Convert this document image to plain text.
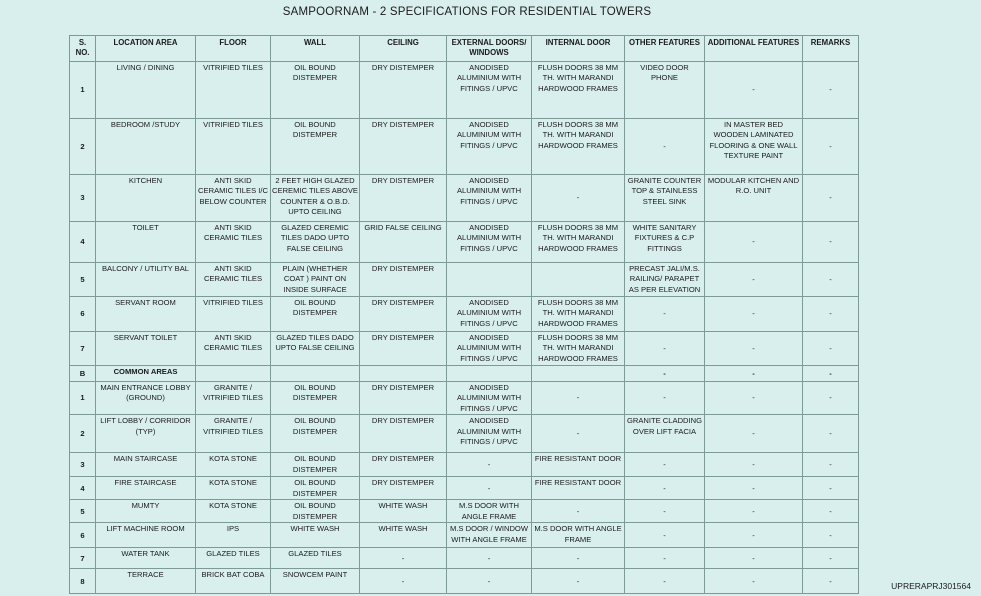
SAMPOORNAM - 2 SPECIFICATIONS FOR RESIDENTIAL TOWERS
S. NO.	LOCATION AREA	FLOOR	WALL	CEILING	EXTERNAL DOORS/ WINDOWS	INTERNAL DOOR	OTHER FEATURES	ADDITIONAL FEATURES	REMARKS
1	LIVING / DINING	VITRIFIED TILES	OIL BOUND DISTEMPER	DRY DISTEMPER	ANODISED ALUMINIUM WITH FITINGS / UPVC	FLUSH DOORS 38 MM TH. WITH MARANDI HARDWOOD FRAMES	VIDEO DOOR PHONE	-	-
2	BEDROOM /STUDY	VITRIFIED TILES	OIL BOUND DISTEMPER	DRY DISTEMPER	ANODISED ALUMINIUM WITH FITINGS / UPVC	FLUSH DOORS 38 MM TH. WITH MARANDI HARDWOOD FRAMES	-	IN MASTER BED WOODEN LAMINATED FLOORING & ONE WALL TEXTURE PAINT	-
3	KITCHEN	ANTI SKID CERAMIC TILES I/C BELOW COUNTER	2 FEET HIGH GLAZED CEREMIC TILES ABOVE COUNTER & O.B.D. UPTO CEILING	DRY DISTEMPER	ANODISED ALUMINIUM WITH FITINGS / UPVC	-	GRANITE COUNTER TOP & STAINLESS STEEL SINK	MODULAR KITCHEN AND R.O. UNIT	-
4	TOILET	ANTI SKID CERAMIC TILES	GLAZED CEREMIC TILES DADO UPTO FALSE CEILING	GRID FALSE CEILING	ANODISED ALUMINIUM WITH FITINGS / UPVC	FLUSH DOORS 38 MM TH. WITH MARANDI HARDWOOD FRAMES	WHITE SANITARY FIXTURES & C.P FITTINGS	-	-
5	BALCONY / UTILITY BAL	ANTI SKID CERAMIC TILES	PLAIN (WHETHER COAT ) PAINT ON INSIDE SURFACE	DRY DISTEMPER			PRECAST JALI/M.S. RAILING/ PARAPET AS PER ELEVATION	-	-
6	SERVANT ROOM	VITRIFIED TILES	OIL BOUND DISTEMPER	DRY DISTEMPER	ANODISED ALUMINIUM WITH FITINGS / UPVC	FLUSH DOORS 38 MM TH. WITH MARANDI HARDWOOD FRAMES	-	-	-
7	SERVANT TOILET	ANTI SKID CERAMIC TILES	GLAZED TILES DADO UPTO FALSE CEILING	DRY DISTEMPER	ANODISED ALUMINIUM WITH FITINGS / UPVC	FLUSH DOORS 38 MM TH. WITH MARANDI HARDWOOD FRAMES	-	-	-
B	COMMON AREAS						-	-	-
1	MAIN ENTRANCE LOBBY (GROUND)	GRANITE / VITRIFIED TILES	OIL BOUND DISTEMPER	DRY DISTEMPER	ANODISED ALUMINIUM WITH FITINGS / UPVC	-	-	-	-
2	LIFT LOBBY / CORRIDOR (TYP)	GRANITE / VITRIFIED TILES	OIL BOUND DISTEMPER	DRY DISTEMPER	ANODISED ALUMINIUM WITH FITINGS / UPVC	-	GRANITE CLADDING OVER LIFT FACIA	-	-
3	MAIN STAIRCASE	KOTA STONE	OIL BOUND DISTEMPER	DRY DISTEMPER	-	FIRE RESISTANT DOOR	-	-	-
4	FIRE STAIRCASE	KOTA STONE	OIL BOUND DISTEMPER	DRY DISTEMPER	-	FIRE RESISTANT DOOR	-	-	-
5	MUMTY	KOTA STONE	OIL BOUND DISTEMPER	WHITE WASH	M.S DOOR WITH ANGLE FRAME	-	-	-	-
6	LIFT MACHINE ROOM	IPS	WHITE WASH	WHITE WASH	M.S DOOR / WINDOW WITH ANGLE FRAME	M.S DOOR WITH ANGLE FRAME	-	-	-
7	WATER TANK	GLAZED TILES	GLAZED TILES	-	-	-	-	-	-
8	TERRACE	BRICK BAT COBA	SNOWCEM PAINT	-	-	-	-	-	-	UPRERAPRJ301564
